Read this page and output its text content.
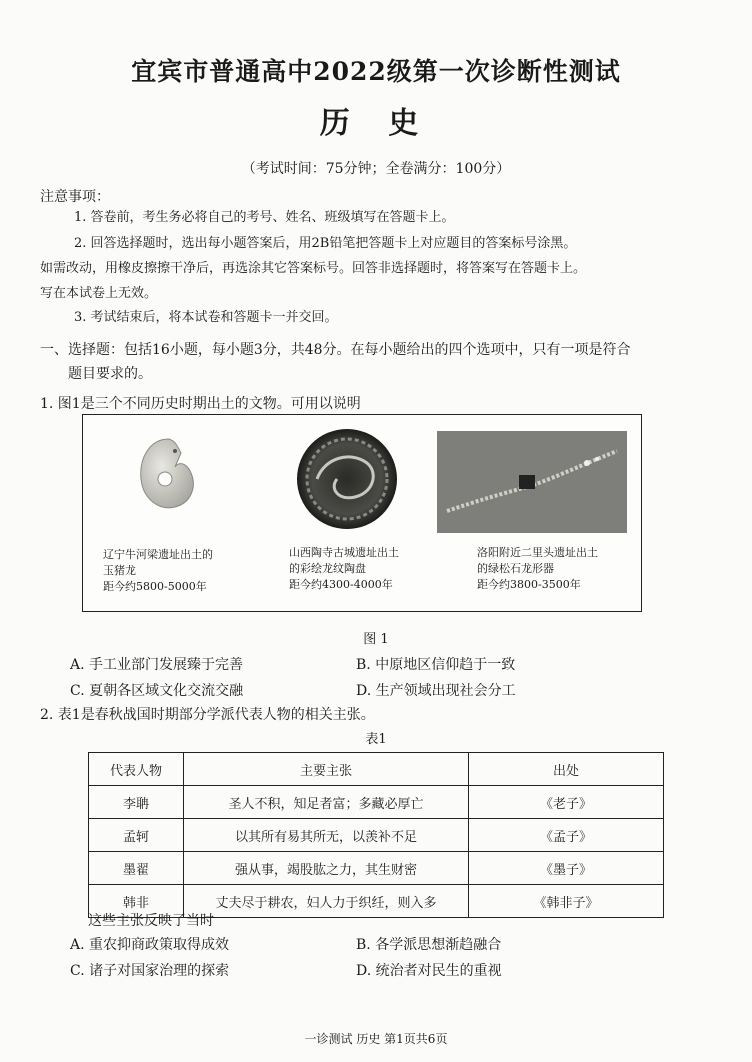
宜宾市普通高中2022级第一次诊断性测试
历 史
（考试时间：75分钟；全卷满分：100分）
注意事项：
1. 答卷前，考生务必将自己的考号、姓名、班级填写在答题卡上。
2. 回答选择题时，选出每小题答案后，用2B铅笔把答题卡上对应题目的答案标号涂黑。
如需改动，用橡皮擦擦干净后，再选涂其它答案标号。回答非选择题时，将答案写在答题卡上。
写在本试卷上无效。
3. 考试结束后，将本试卷和答题卡一并交回。
一、选择题：包括16小题，每小题3分，共48分。在每小题给出的四个选项中，只有一项是符合
题目要求的。
1. 图1是三个不同历史时期出土的文物。可用以说明
辽宁牛河梁遗址出土的
玉猪龙
距今约5800-5000年
山西陶寺古城遗址出土
的彩绘龙纹陶盘
距今约4300-4000年
洛阳附近二里头遗址出土
的绿松石龙形器
距今约3800-3500年
图 1
A. 手工业部门发展臻于完善	B. 中原地区信仰趋于一致
C. 夏朝各区域文化交流交融	D. 生产领域出现社会分工
2. 表1是春秋战国时期部分学派代表人物的相关主张。
表1
代表人物	主要主张	出处
李聃	圣人不积，知足者富；多藏必厚亡	《老子》
孟轲	以其所有易其所无，以羡补不足	《孟子》
墨翟	强从事，竭股肱之力，其生财密	《墨子》
韩非	丈夫尽于耕农，妇人力于织纴，则入多	《韩非子》
这些主张反映了当时
A. 重农抑商政策取得成效	B. 各学派思想渐趋融合
C. 诸子对国家治理的探索	D. 统治者对民生的重视
一诊测试 历史 第1页共6页
